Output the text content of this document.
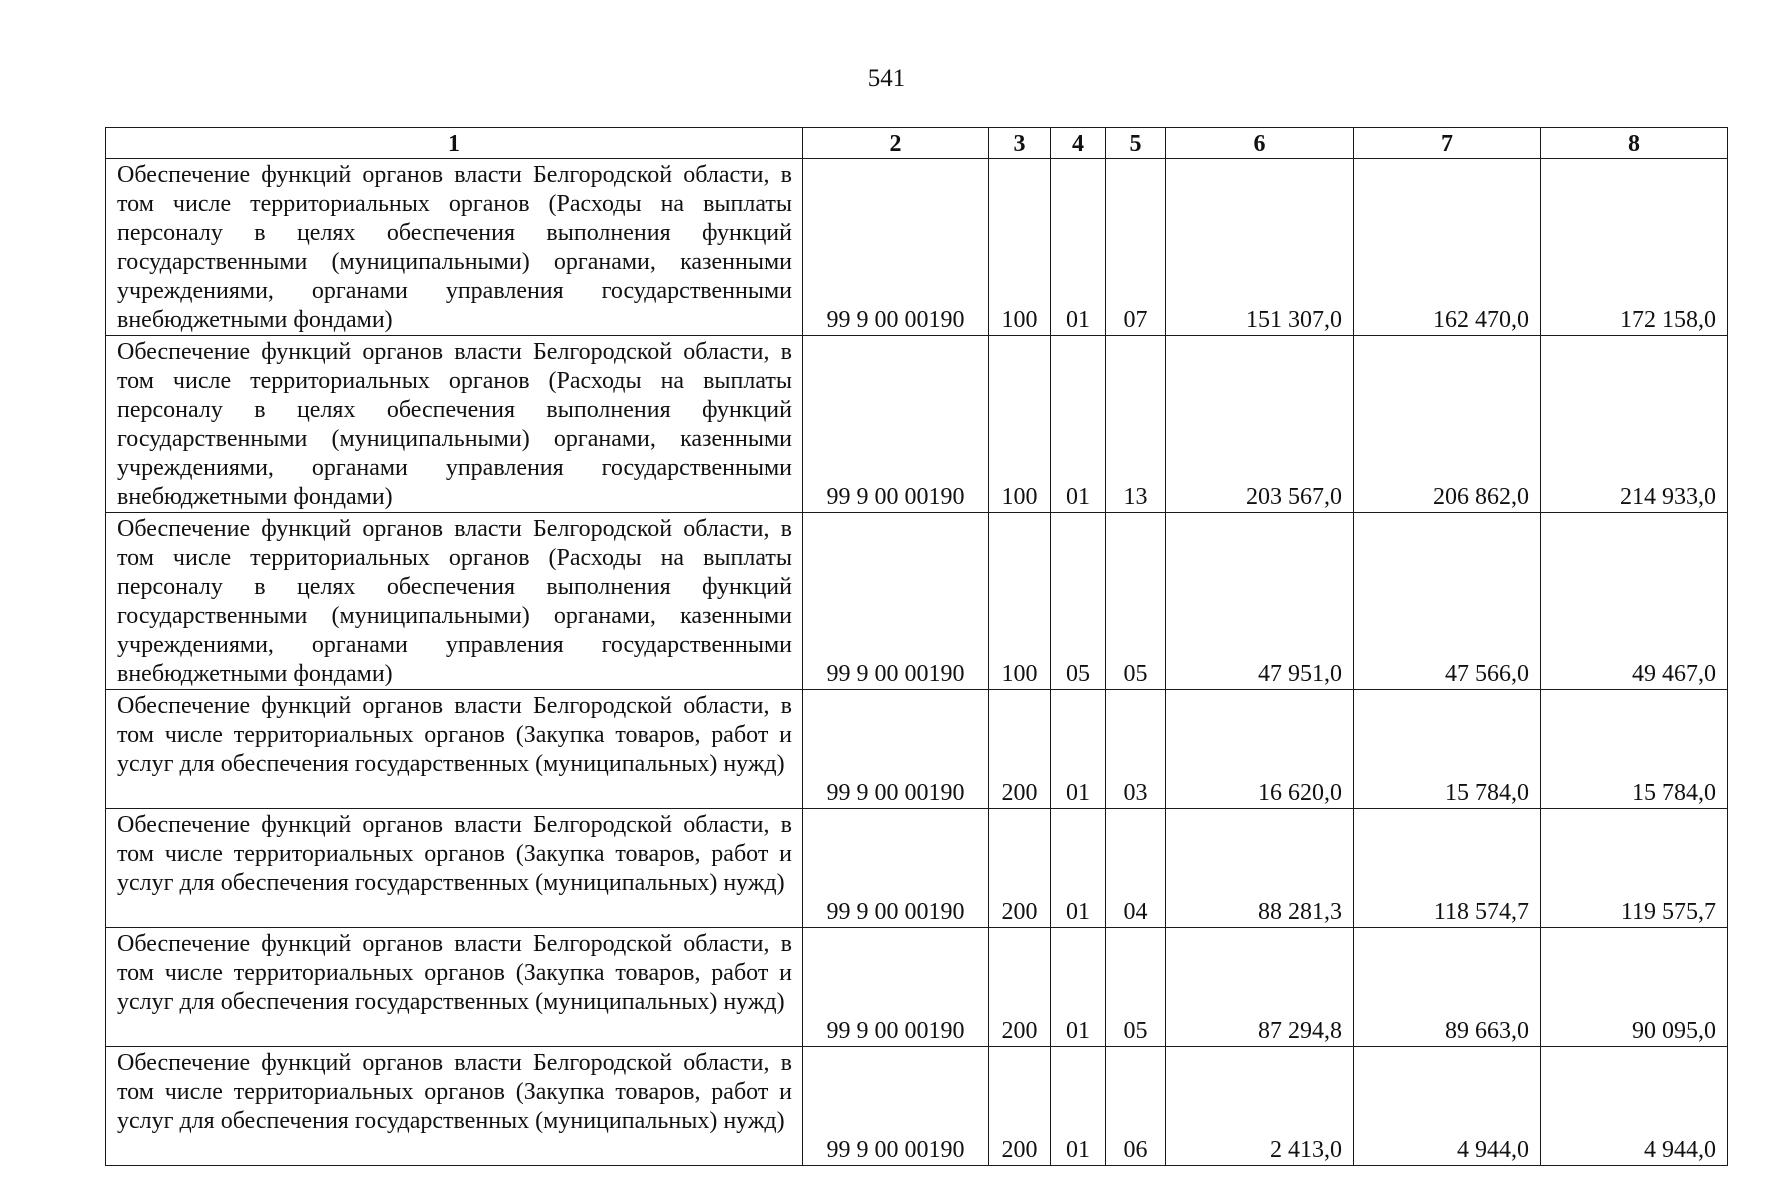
541
1	2	3	4	5	6	7	8
Обеспечение функций органов власти Белгородской области, в том числе территориальных органов (Расходы на выплаты персоналу в целях обеспечения выполнения функций государственными (муниципальными) органами, казенными учреждениями, органами управления государственными внебюджетными фондами)	99 9 00 00190	100	01	07	151 307,0	162 470,0	172 158,0
Обеспечение функций органов власти Белгородской области, в том числе территориальных органов (Расходы на выплаты персоналу в целях обеспечения выполнения функций государственными (муниципальными) органами, казенными учреждениями, органами управления государственными внебюджетными фондами)	99 9 00 00190	100	01	13	203 567,0	206 862,0	214 933,0
Обеспечение функций органов власти Белгородской области, в том числе территориальных органов (Расходы на выплаты персоналу в целях обеспечения выполнения функций государственными (муниципальными) органами, казенными учреждениями, органами управления государственными внебюджетными фондами)	99 9 00 00190	100	05	05	47 951,0	47 566,0	49 467,0
Обеспечение функций органов власти Белгородской области, в том числе территориальных органов (Закупка товаров, работ и услуг для обеспечения государственных (муниципальных) нужд)	99 9 00 00190	200	01	03	16 620,0	15 784,0	15 784,0
Обеспечение функций органов власти Белгородской области, в том числе территориальных органов (Закупка товаров, работ и услуг для обеспечения государственных (муниципальных) нужд)	99 9 00 00190	200	01	04	88 281,3	118 574,7	119 575,7
Обеспечение функций органов власти Белгородской области, в том числе территориальных органов (Закупка товаров, работ и услуг для обеспечения государственных (муниципальных) нужд)	99 9 00 00190	200	01	05	87 294,8	89 663,0	90 095,0
Обеспечение функций органов власти Белгородской области, в том числе территориальных органов (Закупка товаров, работ и услуг для обеспечения государственных (муниципальных) нужд)	99 9 00 00190	200	01	06	2 413,0	4 944,0	4 944,0
